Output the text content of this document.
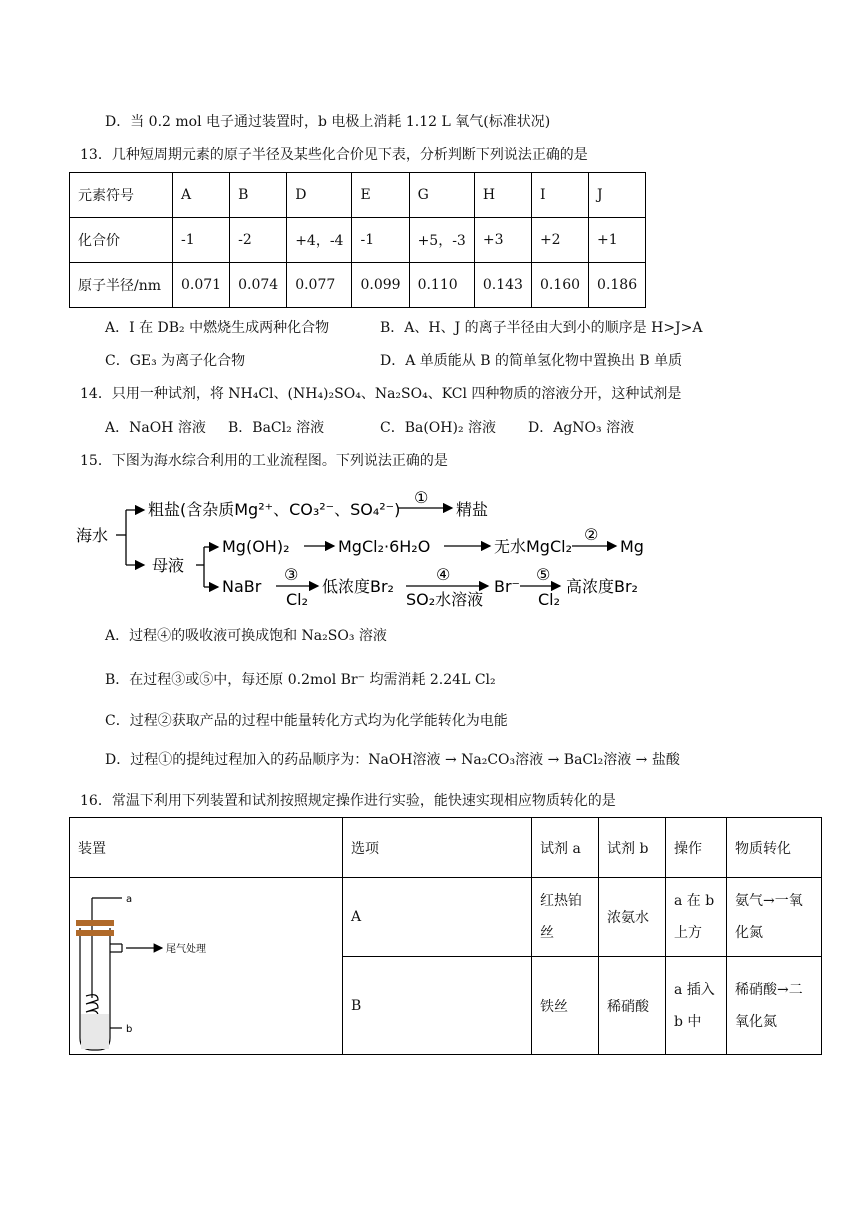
D．当 0.2 mol 电子通过装置时，b 电极上消耗 1.12 L 氧气(标准状况)
13．几种短周期元素的原子半径及某些化合价见下表，分析判断下列说法正确的是
元素符号	A	B	D	E	G	H	I	J
化合价	-1	-2	+4，-4	-1	+5，-3	+3	+2	+1
原子半径/nm	0.071	0.074	0.077	0.099	0.110	0.143	0.160	0.186
A．I 在 DB₂ 中燃烧生成两种化合物	B．A、H、J 的离子半径由大到小的顺序是 H>J>A
C．GE₃ 为离子化合物	D．A 单质能从 B 的简单氢化物中置换出 B 单质
14．只用一种试剂，将 NH₄Cl、(NH₄)₂SO₄、Na₂SO₄、KCl 四种物质的溶液分开，这种试剂是
A．NaOH 溶液 B．BaCl₂ 溶液	C．Ba(OH)₂ 溶液 D．AgNO₃ 溶液
15．下图为海水综合利用的工业流程图。下列说法正确的是
海水
粗盐(含杂质Mg²⁺、CO₃²⁻、SO₄²⁻)
①
精盐
母液
Mg(OH)₂	MgCl₂·6H₂O	无水MgCl₂
②
Mg
NaBr
③
Cl₂
低浓度Br₂
④
SO₂水溶液
Br⁻
⑤
Cl₂
高浓度Br₂
A．过程④的吸收液可换成饱和 Na₂SO₃ 溶液
B．在过程③或⑤中，每还原 0.2mol Br⁻ 均需消耗 2.24L Cl₂
C．过程②获取产品的过程中能量转化方式均为化学能转化为电能
D．过程①的提纯过程加入的药品顺序为：NaOH溶液 → Na₂CO₃溶液 → BaCl₂溶液 → 盐酸
16．常温下利用下列装置和试剂按照规定操作进行实验，能快速实现相应物质转化的是
装置	选项	试剂 a	试剂 b	操作	物质转化

a
尾气处理
b	A	红热铂丝	浓氨水	a 在 b 上方	氨气→一氧化氮
	B	铁丝	稀硝酸	a 插入 b 中	稀硝酸→二氧化氮
